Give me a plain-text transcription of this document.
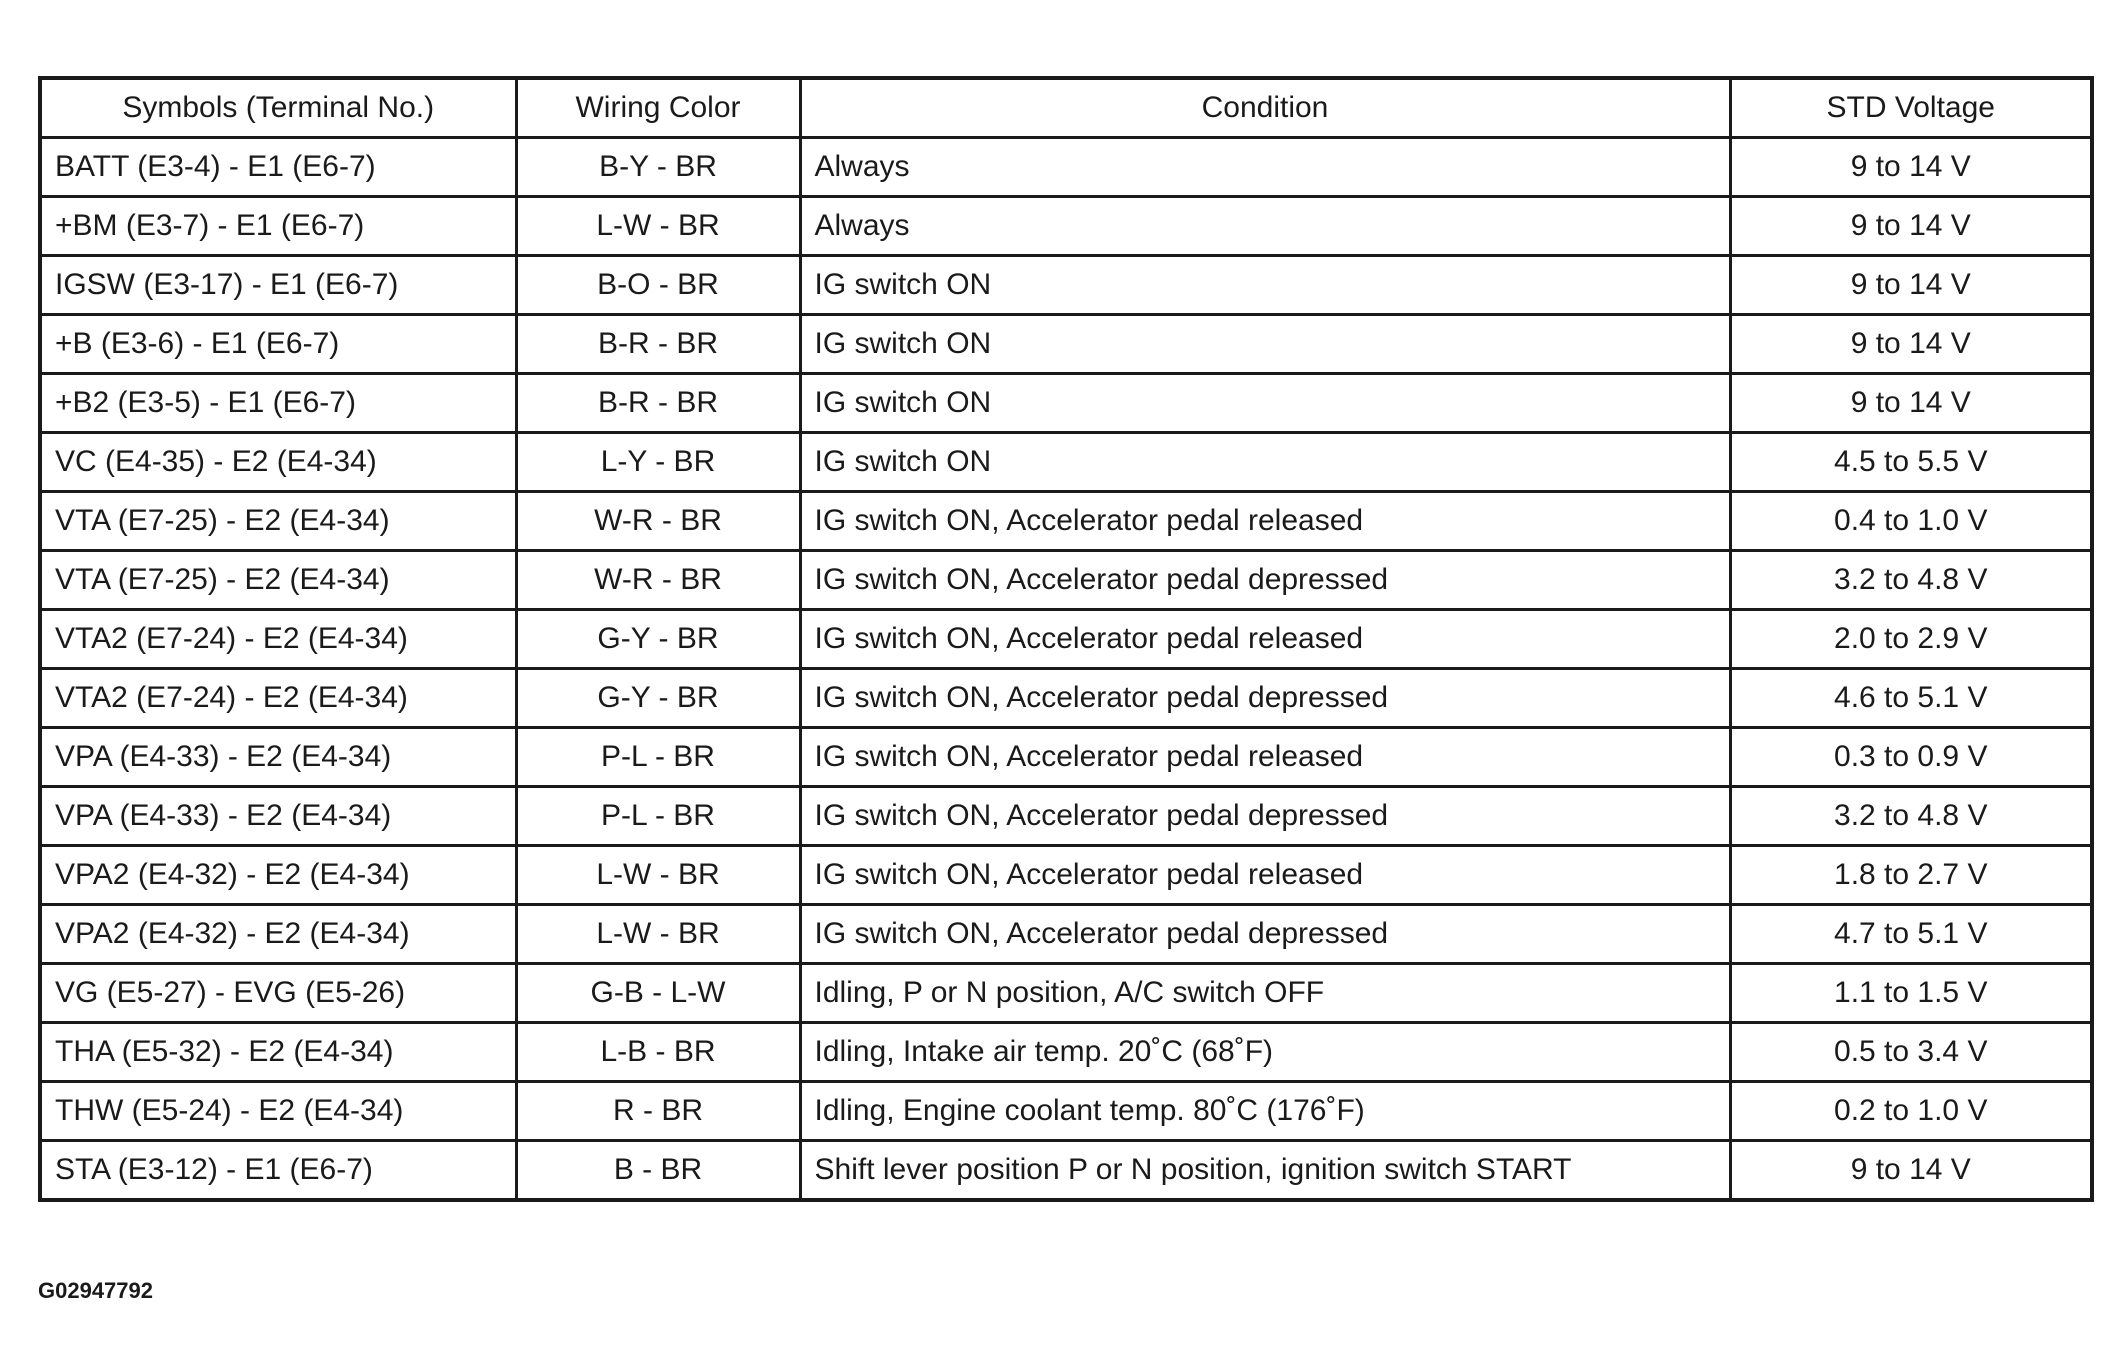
Symbols (Terminal No.)	Wiring Color	Condition	STD Voltage
BATT (E3-4) - E1 (E6-7)	B-Y - BR	Always	9 to 14 V
+BM (E3-7) - E1 (E6-7)	L-W - BR	Always	9 to 14 V
IGSW (E3-17) - E1 (E6-7)	B-O - BR	IG switch ON	9 to 14 V
+B (E3-6) - E1 (E6-7)	B-R - BR	IG switch ON	9 to 14 V
+B2 (E3-5) - E1 (E6-7)	B-R - BR	IG switch ON	9 to 14 V
VC (E4-35) - E2 (E4-34)	L-Y - BR	IG switch ON	4.5 to 5.5 V
VTA (E7-25) - E2 (E4-34)	W-R - BR	IG switch ON, Accelerator pedal released	0.4 to 1.0 V
VTA (E7-25) - E2 (E4-34)	W-R - BR	IG switch ON, Accelerator pedal depressed	3.2 to 4.8 V
VTA2 (E7-24) - E2 (E4-34)	G-Y - BR	IG switch ON, Accelerator pedal released	2.0 to 2.9 V
VTA2 (E7-24) - E2 (E4-34)	G-Y - BR	IG switch ON, Accelerator pedal depressed	4.6 to 5.1 V
VPA (E4-33) - E2 (E4-34)	P-L - BR	IG switch ON, Accelerator pedal released	0.3 to 0.9 V
VPA (E4-33) - E2 (E4-34)	P-L - BR	IG switch ON, Accelerator pedal depressed	3.2 to 4.8 V
VPA2 (E4-32) - E2 (E4-34)	L-W - BR	IG switch ON, Accelerator pedal released	1.8 to 2.7 V
VPA2 (E4-32) - E2 (E4-34)	L-W - BR	IG switch ON, Accelerator pedal depressed	4.7 to 5.1 V
VG (E5-27) - EVG (E5-26)	G-B - L-W	Idling, P or N position, A/C switch OFF	1.1 to 1.5 V
THA (E5-32) - E2 (E4-34)	L-B - BR	Idling, Intake air temp. 20˚C (68˚F)	0.5 to 3.4 V
THW (E5-24) - E2 (E4-34)	R - BR	Idling, Engine coolant temp. 80˚C (176˚F)	0.2 to 1.0 V
STA (E3-12) - E1 (E6-7)	B - BR	Shift lever position P or N position, ignition switch START	9 to 14 V
G02947792
